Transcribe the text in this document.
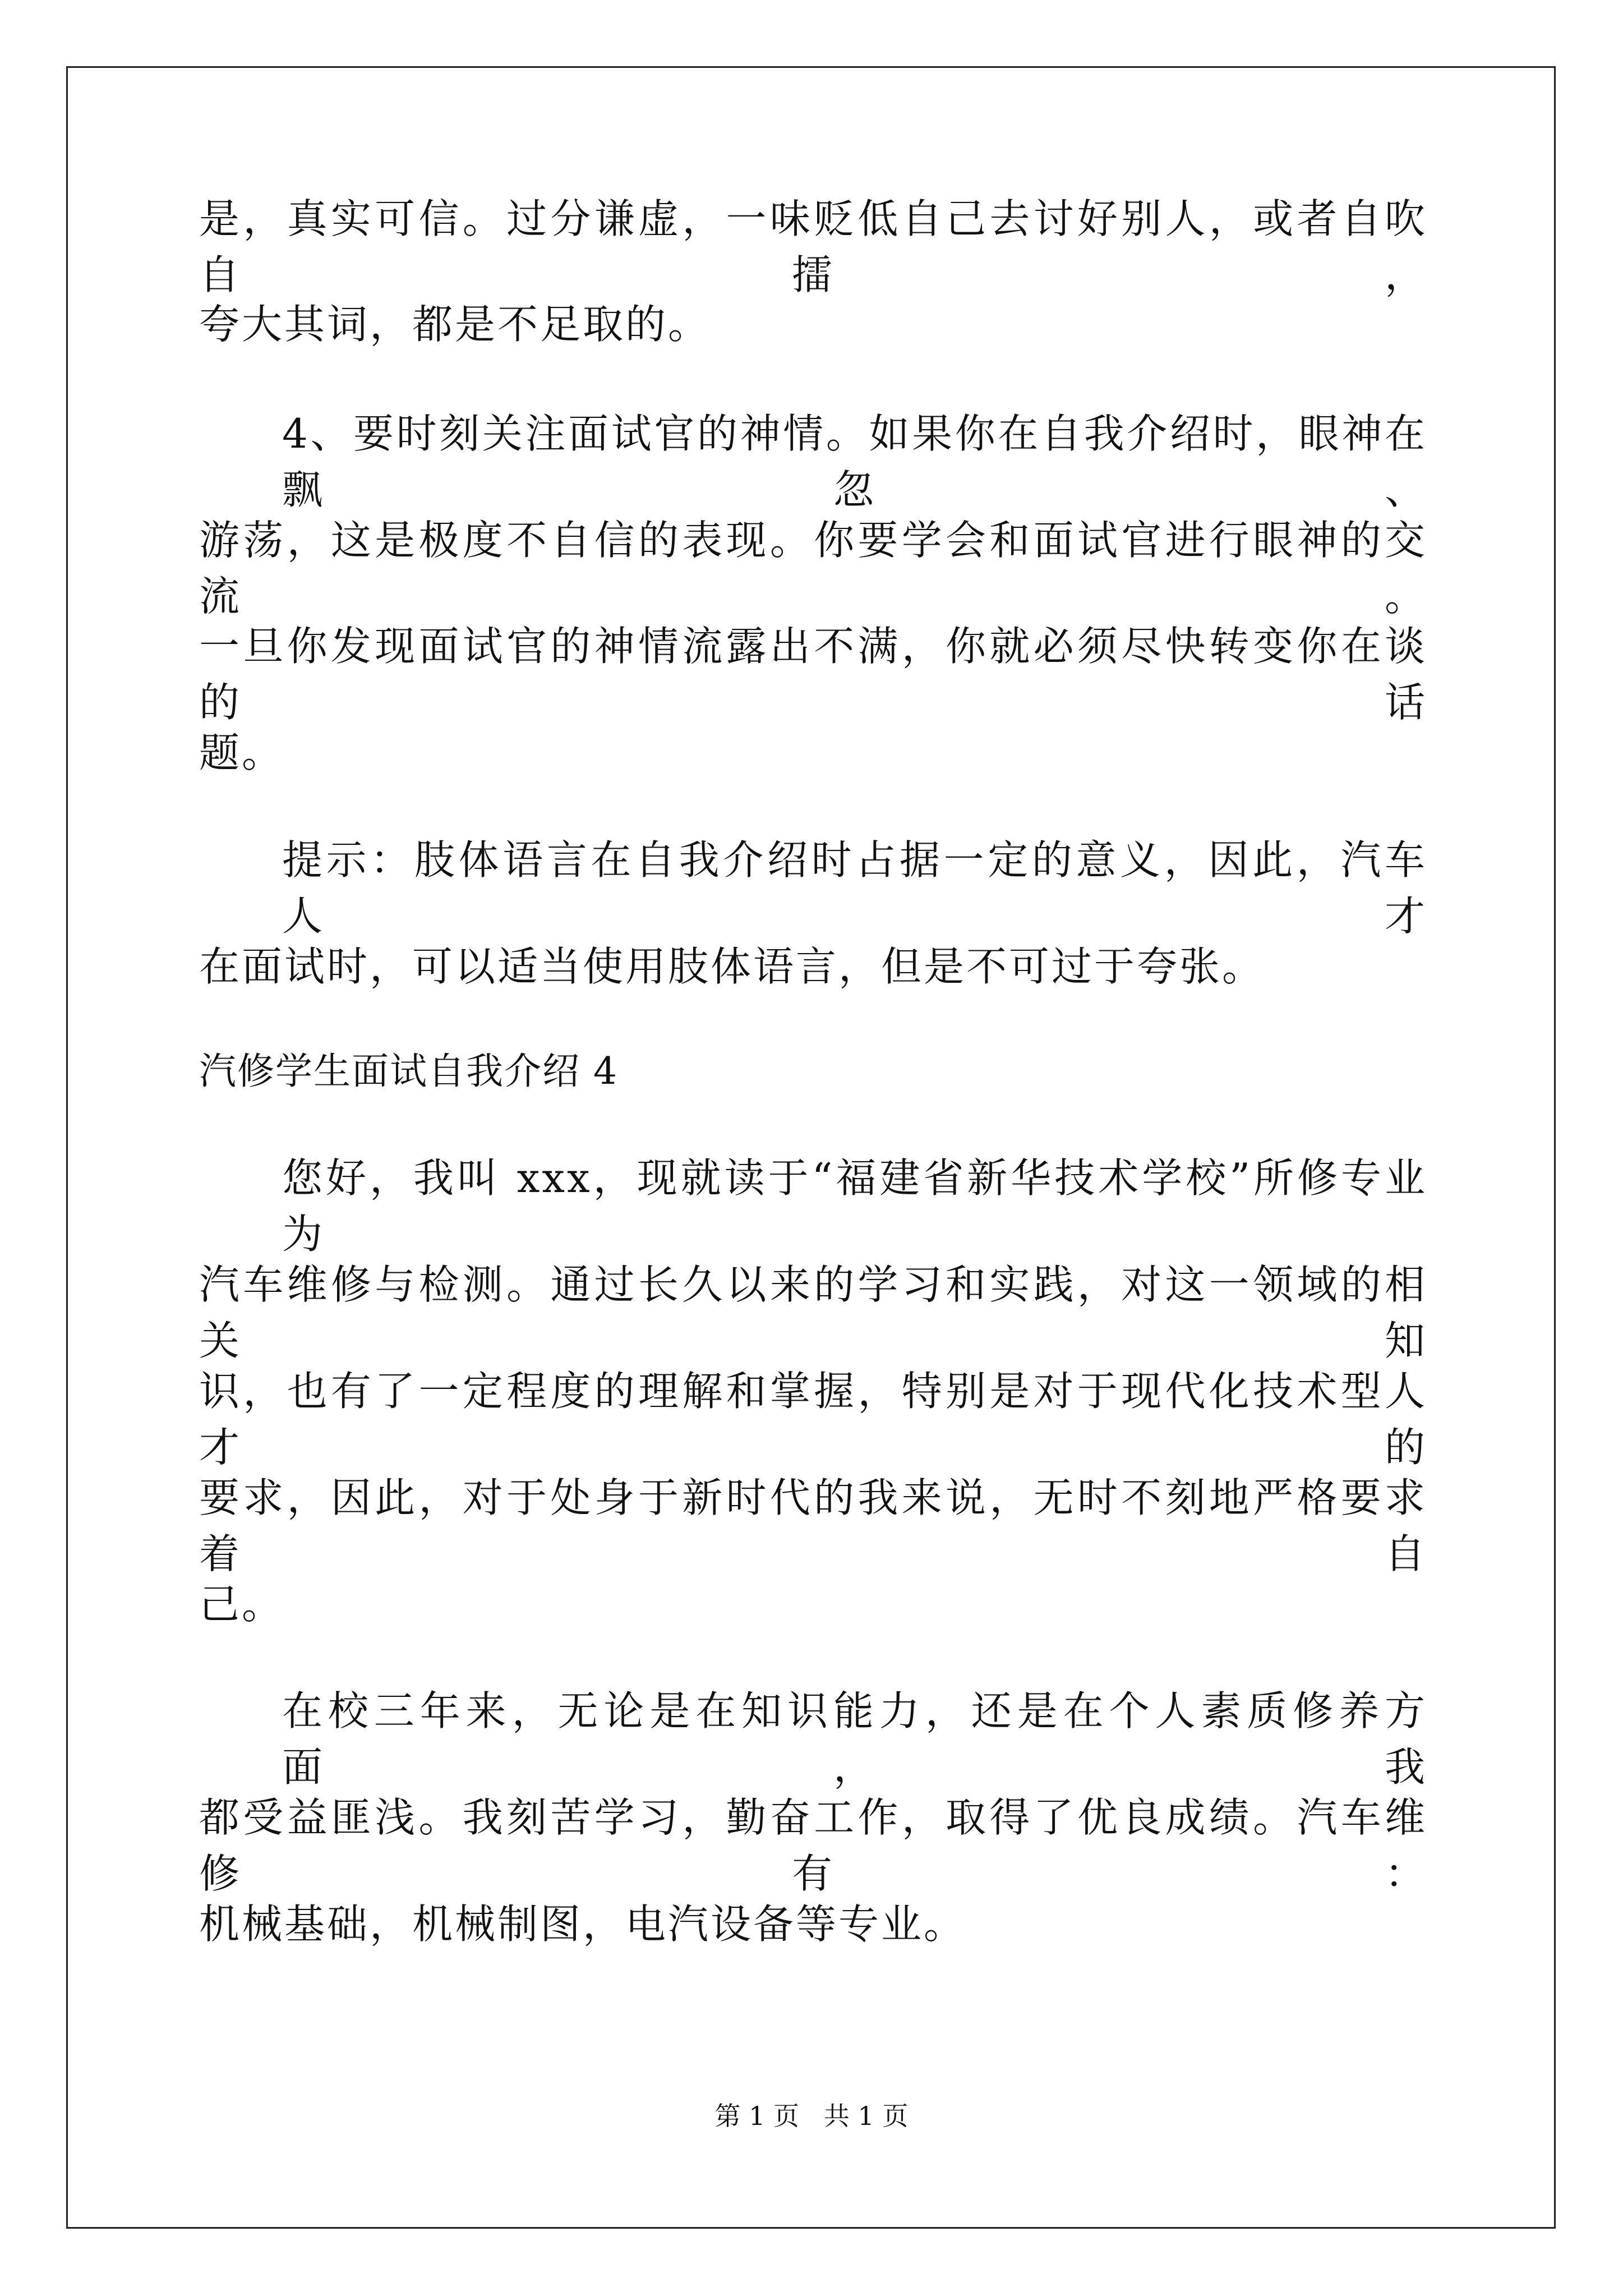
是，真实可信。过分谦虚，一味贬低自己去讨好别人，或者自吹自擂，
夸大其词，都是不足取的。
4、要时刻关注面试官的神情。如果你在自我介绍时，眼神在飘忽、
游荡，这是极度不自信的表现。你要学会和面试官进行眼神的交流。
一旦你发现面试官的神情流露出不满，你就必须尽快转变你在谈的话
题。
提示：肢体语言在自我介绍时占据一定的意义，因此，汽车人才
在面试时，可以适当使用肢体语言，但是不可过于夸张。
汽修学生面试自我介绍 4
您好，我叫 xxx，现就读于“福建省新华技术学校”所修专业为
汽车维修与检测。通过长久以来的学习和实践，对这一领域的相关知
识，也有了一定程度的理解和掌握，特别是对于现代化技术型人才的
要求，因此，对于处身于新时代的我来说，无时不刻地严格要求着自
己。
在校三年来，无论是在知识能力，还是在个人素质修养方面，我
都受益匪浅。我刻苦学习，勤奋工作，取得了优良成绩。汽车维修有：
机械基础，机械制图，电汽设备等专业。
第 1 页   共 1 页
